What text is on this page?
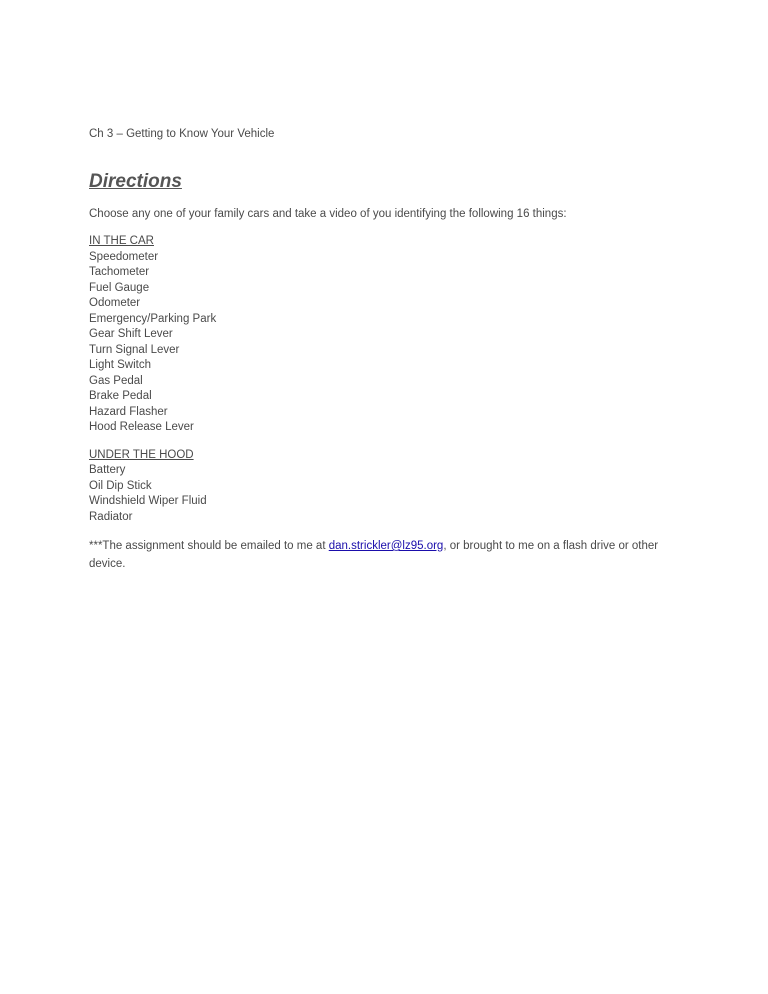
Ch 3 – Getting to Know Your Vehicle

Directions

Choose any one of your family cars and take a video of you identifying the following 16 things:

IN THE CAR

Speedometer
Tachometer
Fuel Gauge
Odometer
Emergency/Parking Park
Gear Shift Lever
Turn Signal Lever
Light Switch
Gas Pedal
Brake Pedal
Hazard Flasher
Hood Release Lever

UNDER THE HOOD

Battery
Oil Dip Stick
Windshield Wiper Fluid
Radiator

***The assignment should be emailed to me at dan.strickler@lz95.org, or brought to me on a flash drive or other device.
